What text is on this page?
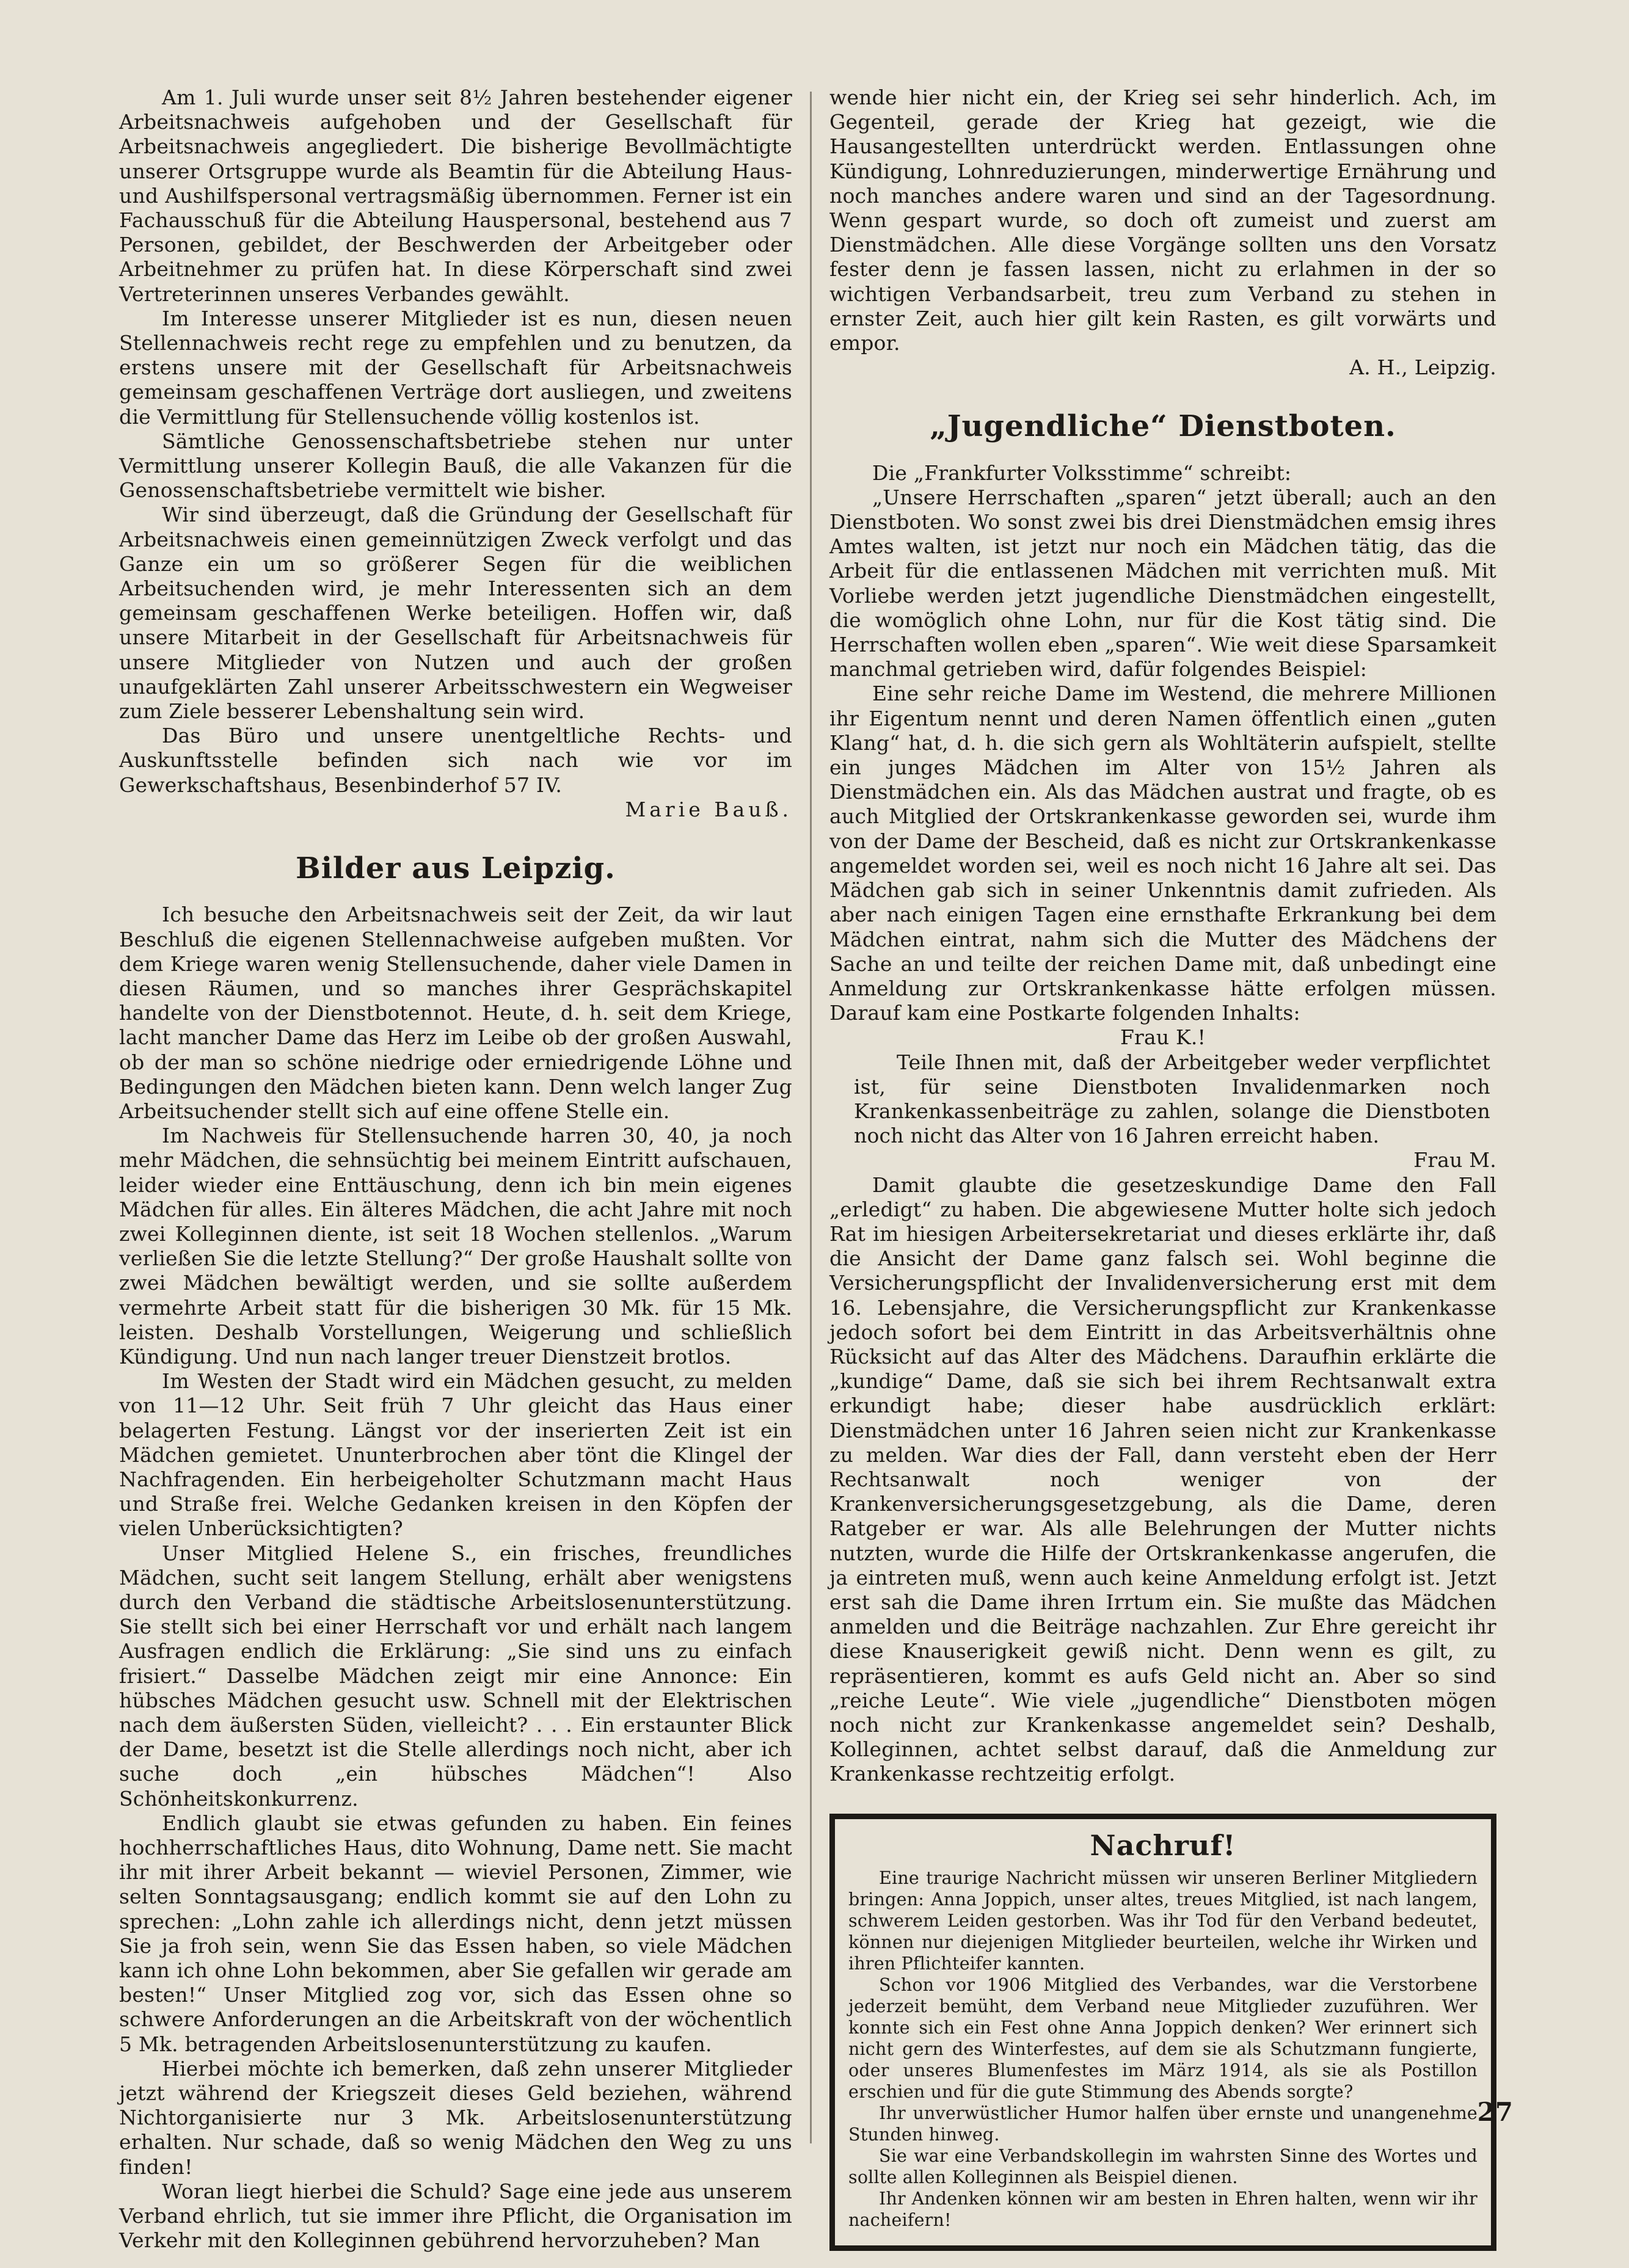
Am 1. Juli wurde unser seit 8½ Jahren bestehender eigener Arbeitsnachweis aufgehoben und der Gesellschaft für Arbeitsnachweis angegliedert. Die bisherige Bevollmächtigte unserer Ortsgruppe wurde als Beamtin für die Abteilung Haus- und Aushilfspersonal vertragsmäßig übernommen. Ferner ist ein Fachausschuß für die Abteilung Hauspersonal, bestehend aus 7 Personen, gebildet, der Beschwerden der Arbeitgeber oder Arbeitnehmer zu prüfen hat. In diese Körperschaft sind zwei Vertreterinnen unseres Verbandes gewählt.

Im Interesse unserer Mitglieder ist es nun, diesen neuen Stellennachweis recht rege zu empfehlen und zu benutzen, da erstens unsere mit der Gesellschaft für Arbeitsnachweis gemeinsam geschaffenen Verträge dort ausliegen, und zweitens die Vermittlung für Stellensuchende völlig kostenlos ist.

Sämtliche Genossenschaftsbetriebe stehen nur unter Vermittlung unserer Kollegin Bauß, die alle Vakanzen für die Genossenschaftsbetriebe vermittelt wie bisher.

Wir sind überzeugt, daß die Gründung der Gesellschaft für Arbeitsnachweis einen gemeinnützigen Zweck verfolgt und das Ganze ein um so größerer Segen für die weiblichen Arbeitsuchenden wird, je mehr Interessenten sich an dem gemeinsam geschaffenen Werke beteiligen. Hoffen wir, daß unsere Mitarbeit in der Gesellschaft für Arbeitsnachweis für unsere Mitglieder von Nutzen und auch der großen unaufgeklärten Zahl unserer Arbeitsschwestern ein Wegweiser zum Ziele besserer Lebenshaltung sein wird.

Das Büro und unsere unentgeltliche Rechts- und Auskunftsstelle befinden sich nach wie vor im Gewerkschaftshaus, Besenbinderhof 57 IV.

Marie Bauß.

Bilder aus Leipzig.

Ich besuche den Arbeitsnachweis seit der Zeit, da wir laut Beschluß die eigenen Stellennachweise aufgeben mußten. Vor dem Kriege waren wenig Stellensuchende, daher viele Damen in diesen Räumen, und so manches ihrer Gesprächskapitel handelte von der Dienstbotennot. Heute, d. h. seit dem Kriege, lacht mancher Dame das Herz im Leibe ob der großen Auswahl, ob der man so schöne niedrige oder erniedrigende Löhne und Bedingungen den Mädchen bieten kann. Denn welch langer Zug Arbeitsuchender stellt sich auf eine offene Stelle ein.

Im Nachweis für Stellensuchende harren 30, 40, ja noch mehr Mädchen, die sehnsüchtig bei meinem Eintritt aufschauen, leider wieder eine Enttäuschung, denn ich bin mein eigenes Mädchen für alles. Ein älteres Mädchen, die acht Jahre mit noch zwei Kolleginnen diente, ist seit 18 Wochen stellenlos. „Warum verließen Sie die letzte Stellung?“ Der große Haushalt sollte von zwei Mädchen bewältigt werden, und sie sollte außerdem vermehrte Arbeit statt für die bisherigen 30 Mk. für 15 Mk. leisten. Deshalb Vorstellungen, Weigerung und schließlich Kündigung. Und nun nach langer treuer Dienstzeit brotlos.

Im Westen der Stadt wird ein Mädchen gesucht, zu melden von 11—12 Uhr. Seit früh 7 Uhr gleicht das Haus einer belagerten Festung. Längst vor der inserierten Zeit ist ein Mädchen gemietet. Ununterbrochen aber tönt die Klingel der Nachfragenden. Ein herbeigeholter Schutzmann macht Haus und Straße frei. Welche Gedanken kreisen in den Köpfen der vielen Unberücksichtigten?

Unser Mitglied Helene S., ein frisches, freundliches Mädchen, sucht seit langem Stellung, erhält aber wenigstens durch den Verband die städtische Arbeitslosenunterstützung. Sie stellt sich bei einer Herrschaft vor und erhält nach langem Ausfragen endlich die Erklärung: „Sie sind uns zu einfach frisiert.“ Dasselbe Mädchen zeigt mir eine Annonce: Ein hübsches Mädchen gesucht usw. Schnell mit der Elektrischen nach dem äußersten Süden, vielleicht? . . . Ein erstaunter Blick der Dame, besetzt ist die Stelle allerdings noch nicht, aber ich suche doch „ein hübsches Mädchen“! Also Schönheitskonkurrenz.

Endlich glaubt sie etwas gefunden zu haben. Ein feines hochherrschaftliches Haus, dito Wohnung, Dame nett. Sie macht ihr mit ihrer Arbeit bekannt — wieviel Personen, Zimmer, wie selten Sonntagsausgang; endlich kommt sie auf den Lohn zu sprechen: „Lohn zahle ich allerdings nicht, denn jetzt müssen Sie ja froh sein, wenn Sie das Essen haben, so viele Mädchen kann ich ohne Lohn bekommen, aber Sie gefallen wir gerade am besten!“ Unser Mitglied zog vor, sich das Essen ohne so schwere Anforderungen an die Arbeitskraft von der wöchentlich 5 Mk. betragenden Arbeitslosenunterstützung zu kaufen.

Hierbei möchte ich bemerken, daß zehn unserer Mitglieder jetzt während der Kriegszeit dieses Geld beziehen, während Nichtorganisierte nur 3 Mk. Arbeitslosenunterstützung erhalten. Nur schade, daß so wenig Mädchen den Weg zu uns finden!

Woran liegt hierbei die Schuld? Sage eine jede aus unserem Verband ehrlich, tut sie immer ihre Pflicht, die Organisation im Verkehr mit den Kolleginnen gebührend hervorzuheben? Man

wende hier nicht ein, der Krieg sei sehr hinderlich. Ach, im Gegenteil, gerade der Krieg hat gezeigt, wie die Hausangestellten unterdrückt werden. Entlassungen ohne Kündigung, Lohnreduzierungen, minderwertige Ernährung und noch manches andere waren und sind an der Tagesordnung. Wenn gespart wurde, so doch oft zumeist und zuerst am Dienstmädchen. Alle diese Vorgänge sollten uns den Vorsatz fester denn je fassen lassen, nicht zu erlahmen in der so wichtigen Verbandsarbeit, treu zum Verband zu stehen in ernster Zeit, auch hier gilt kein Rasten, es gilt vorwärts und empor.

A. H., Leipzig.

„Jugendliche“ Dienstboten.

Die „Frankfurter Volksstimme“ schreibt:

„Unsere Herrschaften „sparen“ jetzt überall; auch an den Dienstboten. Wo sonst zwei bis drei Dienstmädchen emsig ihres Amtes walten, ist jetzt nur noch ein Mädchen tätig, das die Arbeit für die entlassenen Mädchen mit verrichten muß. Mit Vorliebe werden jetzt jugendliche Dienstmädchen eingestellt, die womöglich ohne Lohn, nur für die Kost tätig sind. Die Herrschaften wollen eben „sparen“. Wie weit diese Sparsamkeit manchmal getrieben wird, dafür folgendes Beispiel:

Eine sehr reiche Dame im Westend, die mehrere Millionen ihr Eigentum nennt und deren Namen öffentlich einen „guten Klang“ hat, d. h. die sich gern als Wohltäterin aufspielt, stellte ein junges Mädchen im Alter von 15½ Jahren als Dienstmädchen ein. Als das Mädchen austrat und fragte, ob es auch Mitglied der Ortskrankenkasse geworden sei, wurde ihm von der Dame der Bescheid, daß es nicht zur Ortskrankenkasse angemeldet worden sei, weil es noch nicht 16 Jahre alt sei. Das Mädchen gab sich in seiner Unkenntnis damit zufrieden. Als aber nach einigen Tagen eine ernsthafte Erkrankung bei dem Mädchen eintrat, nahm sich die Mutter des Mädchens der Sache an und teilte der reichen Dame mit, daß unbedingt eine Anmeldung zur Ortskrankenkasse hätte erfolgen müssen. Darauf kam eine Postkarte folgenden Inhalts:

Frau K.!

Teile Ihnen mit, daß der Arbeitgeber weder verpflichtet ist, für seine Dienstboten Invalidenmarken noch Krankenkassenbeiträge zu zahlen, solange die Dienstboten noch nicht das Alter von 16 Jahren erreicht haben.

Frau M.

Damit glaubte die gesetzeskundige Dame den Fall „erledigt“ zu haben. Die abgewiesene Mutter holte sich jedoch Rat im hiesigen Arbeitersekretariat und dieses erklärte ihr, daß die Ansicht der Dame ganz falsch sei. Wohl beginne die Versicherungspflicht der Invalidenversicherung erst mit dem 16. Lebensjahre, die Versicherungspflicht zur Krankenkasse jedoch sofort bei dem Eintritt in das Arbeitsverhältnis ohne Rücksicht auf das Alter des Mädchens. Daraufhin erklärte die „kundige“ Dame, daß sie sich bei ihrem Rechtsanwalt extra erkundigt habe; dieser habe ausdrücklich erklärt: Dienstmädchen unter 16 Jahren seien nicht zur Krankenkasse zu melden. War dies der Fall, dann versteht eben der Herr Rechtsanwalt noch weniger von der Krankenversicherungsgesetzgebung, als die Dame, deren Ratgeber er war. Als alle Belehrungen der Mutter nichts nutzten, wurde die Hilfe der Ortskrankenkasse angerufen, die ja eintreten muß, wenn auch keine Anmeldung erfolgt ist. Jetzt erst sah die Dame ihren Irrtum ein. Sie mußte das Mädchen anmelden und die Beiträge nachzahlen. Zur Ehre gereicht ihr diese Knauserigkeit gewiß nicht. Denn wenn es gilt, zu repräsentieren, kommt es aufs Geld nicht an. Aber so sind „reiche Leute“. Wie viele „jugendliche“ Dienstboten mögen noch nicht zur Krankenkasse angemeldet sein? Deshalb, Kolleginnen, achtet selbst darauf, daß die Anmeldung zur Krankenkasse rechtzeitig erfolgt.

Nachruf!

Eine traurige Nachricht müssen wir unseren Berliner Mitgliedern bringen: Anna Joppich, unser altes, treues Mitglied, ist nach langem, schwerem Leiden gestorben. Was ihr Tod für den Verband bedeutet, können nur diejenigen Mitglieder beurteilen, welche ihr Wirken und ihren Pflichteifer kannten.

Schon vor 1906 Mitglied des Verbandes, war die Verstorbene jederzeit bemüht, dem Verband neue Mitglieder zuzuführen. Wer konnte sich ein Fest ohne Anna Joppich denken? Wer erinnert sich nicht gern des Winterfestes, auf dem sie als Schutzmann fungierte, oder unseres Blumenfestes im März 1914, als sie als Postillon erschien und für die gute Stimmung des Abends sorgte?

Ihr unverwüstlicher Humor halfen über ernste und unangenehme Stunden hinweg.

Sie war eine Verbandskollegin im wahrsten Sinne des Wortes und sollte allen Kolleginnen als Beispiel dienen.

Ihr Andenken können wir am besten in Ehren halten, wenn wir ihr nacheifern!

27
